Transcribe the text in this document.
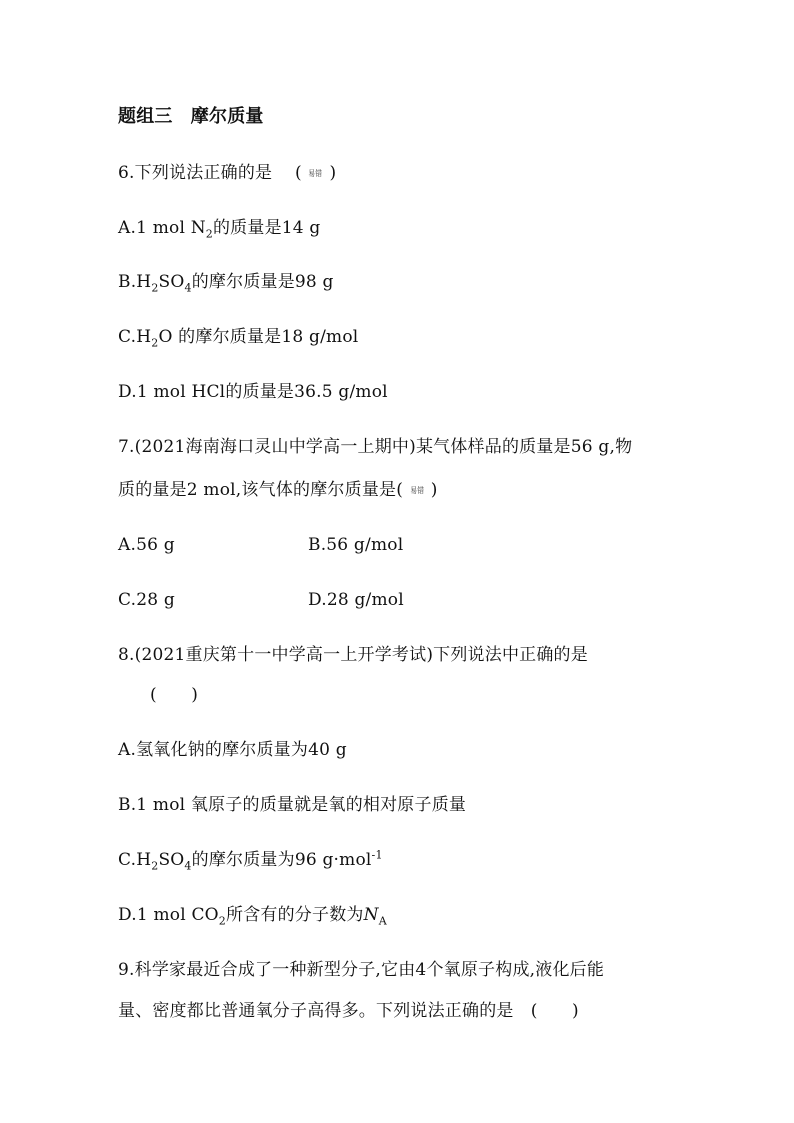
题组三　摩尔质量
6.下列说法正确的是　 ( 易错 )
A.1 mol $N_2$的质量是14 g
$B.H_2SO_4$的摩尔质量是98 g
$C.H_2O$ 的摩尔质量是18 g/mol
D.1 mol HCl的质量是36.5 g/mol
7.(2021海南海口灵山中学高一上期中)某气体样品的质量是56 g,物
质的量是2 mol,该气体的摩尔质量是( 易错 )
A.56 g	B.56 g/mol
C.28 g	D.28 g/mol
8.(2021重庆第十一中学高一上开学考试)下列说法中正确的是
(　　)
A.氢氧化钠的摩尔质量为40 g
B.1 mol 氧原子的质量就是氧的相对原子质量
$C.H_2SO_4$的摩尔质量为96 g·mol$^{-1}$
D.1 mol $CO_2$所含有的分子数为$N_A$
9.科学家最近合成了一种新型分子,它由4个氧原子构成,液化后能
量、密度都比普通氧分子高得多。下列说法正确的是　(　　)
